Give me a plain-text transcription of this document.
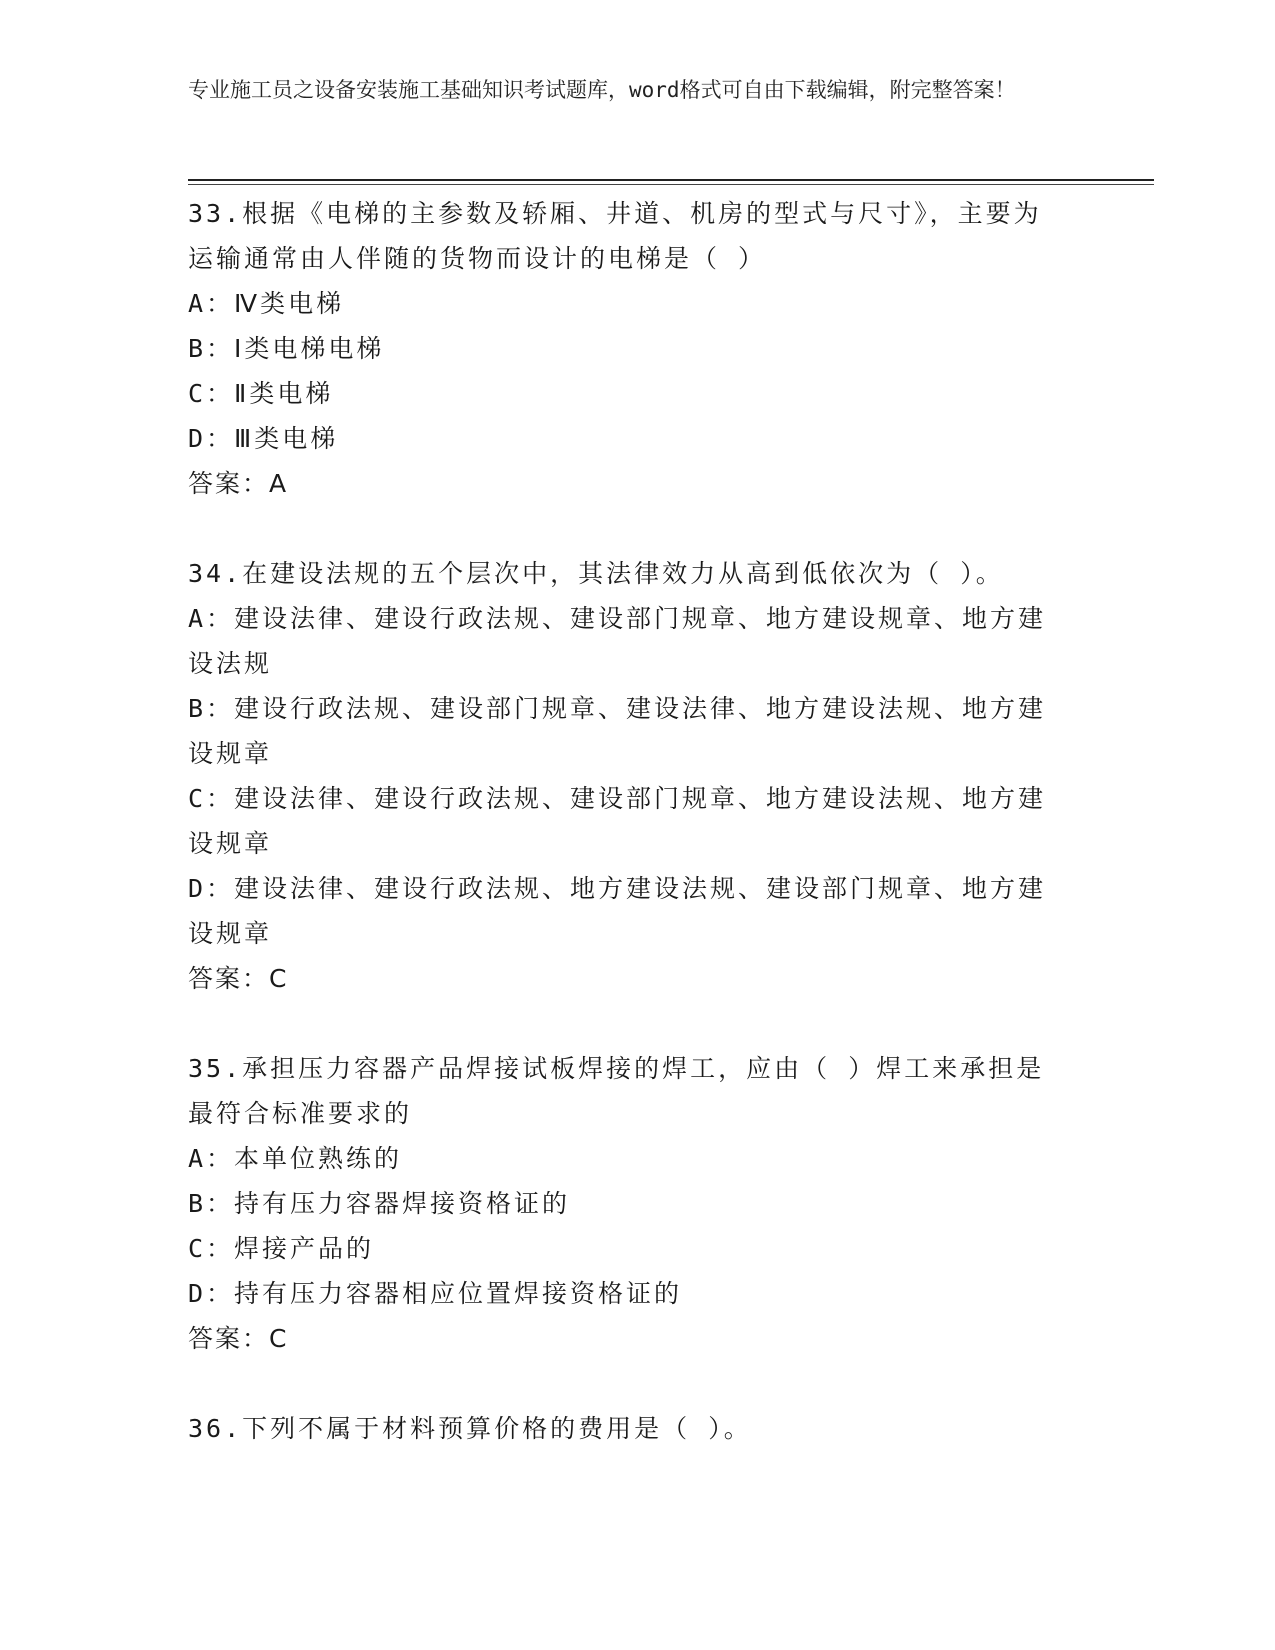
专业施工员之设备安装施工基础知识考试题库，word格式可自由下载编辑，附完整答案！

33.根据《电梯的主参数及轿厢、井道、机房的型式与尺寸》，主要为

运输通常由人伴随的货物而设计的电梯是（ ）

A：Ⅳ类电梯

B：Ⅰ类电梯电梯

C：Ⅱ类电梯

D：Ⅲ类电梯

答案：A

34.在建设法规的五个层次中，其法律效力从高到低依次为（ ）。

A：建设法律、建设行政法规、建设部门规章、地方建设规章、地方建

设法规

B：建设行政法规、建设部门规章、建设法律、地方建设法规、地方建

设规章

C：建设法律、建设行政法规、建设部门规章、地方建设法规、地方建

设规章

D：建设法律、建设行政法规、地方建设法规、建设部门规章、地方建

设规章

答案：C

35.承担压力容器产品焊接试板焊接的焊工，应由（ ）焊工来承担是

最符合标准要求的

A：本单位熟练的

B：持有压力容器焊接资格证的

C：焊接产品的

D：持有压力容器相应位置焊接资格证的

答案：C

36.下列不属于材料预算价格的费用是（ ）。
